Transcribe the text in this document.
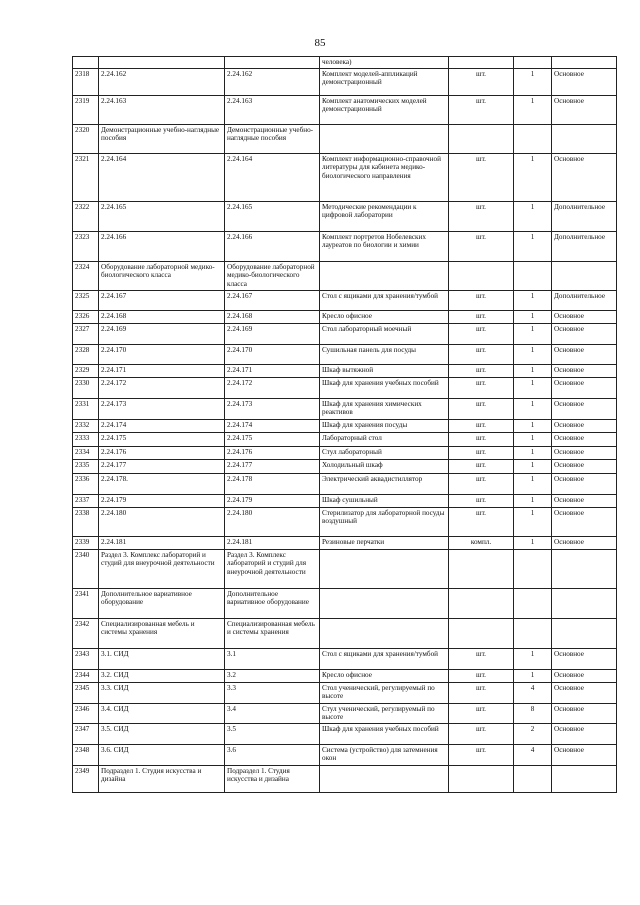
85
			человека)			
2318	2.24.162	2.24.162	Комплект моделей-аппликаций демонстрационный	шт.	1	Основное
2319	2.24.163	2.24.163	Комплект анатомических моделей демонстрационный	шт.	1	Основное
2320	Демонстрационные учебно-наглядные пособия	Демонстрационные учебно-наглядные пособия				
2321	2.24.164	2.24.164	Комплект информационно-справочной литературы для кабинета медико-биологического направления	шт.	1	Основное
2322	2.24.165	2.24.165	Методические рекомендации к цифровой лаборатории	шт.	1	Дополнительное
2323	2.24.166	2.24.166	Комплект портретов Нобелевских лауреатов по биологии и химии	шт.	1	Дополнительное
2324	Оборудование лабораторной медико-биологического класса	Оборудование лабораторной медико-биологического класса				
2325	2.24.167	2.24.167	Стол с ящиками для хранения/тумбой	шт.	1	Дополнительное
2326	2.24.168	2.24.168	Кресло офисное	шт.	1	Основное
2327	2.24.169	2.24.169	Стол лабораторный моечный	шт.	1	Основное
2328	2.24.170	2.24.170	Сушильная панель для посуды	шт.	1	Основное
2329	2.24.171	2.24.171	Шкаф вытяжной	шт.	1	Основное
2330	2.24.172	2.24.172	Шкаф для хранения учебных пособий	шт.	1	Основное
2331	2.24.173	2.24.173	Шкаф для хранения химических реактивов	шт.	1	Основное
2332	2.24.174	2.24.174	Шкаф для хранения посуды	шт.	1	Основное
2333	2.24.175	2.24.175	Лабораторный стол	шт.	1	Основное
2334	2.24.176	2.24.176	Стул лабораторный	шт.	1	Основное
2335	2.24.177	2.24.177	Холодильный шкаф	шт.	1	Основное
2336	2.24.178.	2.24.178	Электрический аквадистиллятор	шт.	1	Основное
2337	2.24.179	2.24.179	Шкаф сушильный	шт.	1	Основное
2338	2.24.180	2.24.180	Стерилизатор для лабораторной посуды воздушный	шт.	1	Основное
2339	2.24.181	2.24.181	Резиновые перчатки	компл.	1	Основное
2340	Раздел 3. Комплекс лабораторий и студий для внеурочной деятельности	Раздел 3. Комплекс лабораторий и студий для внеурочной деятельности				
2341	Дополнительное вариативное оборудование	Дополнительное вариативное оборудование				
2342	Специализированная мебель и системы хранения	Специализированная мебель и системы хранения				
2343	3.1. СИД	3.1	Стол с ящиками для хранения/тумбой	шт.	1	Основное
2344	3.2. СИД	3.2	Кресло офисное	шт.	1	Основное
2345	3.3. СИД	3.3	Стол ученический, регулируемый по высоте	шт.	4	Основное
2346	3.4. СИД	3.4	Стул ученический, регулируемый по высоте	шт.	8	Основное
2347	3.5. СИД	3.5	Шкаф для хранения учебных пособий	шт.	2	Основное
2348	3.6. СИД	3.6	Система (устройство) для затемнения окон	шт.	4	Основное
2349	Подраздел 1. Студия искусства и дизайна	Подраздел 1. Студия искусства и дизайна				
